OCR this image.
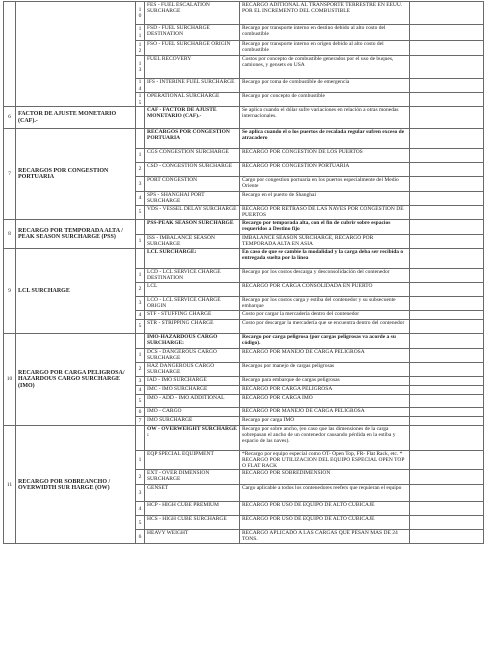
		10	FES - FUEL ESCALATION SURCHARGE	RECARGO ADITIONAL AL TRANSPORTE TERRESTRE EN EEUU. POR EL INCREMENTO DEL COMBUSTIBLE	
		11	FSD - FUEL SURCHARGE DESTINATION	Recargo por transporte interno en destino debido al alto costo del combustible	
		12	FSO - FUEL SURCHARGE ORIGIN	Recargo por transporte interno en origen debido al alto costo del combustible	
		13	FUEL RECOVERY	Costos por concepto de combustible generados por el uso de buques, camiones, y gensets en USA	
		14	IFS - INTERINE FUEL SURCHARGE	Recargo por toma de combustible de emergencia	
		15	OPERATIONAL SURCHARGE	Recargo por concepto de combustible	
6	FACTOR DE AJUSTE MONETARIO (CAF).-		CAF - FACTOR DE AJUSTE MONETARIO (CAF).-	Se aplica cuando el dólar sufre variaciones en relación a otras monedas internacionales.	
7	RECARGOS POR CONGESTION PORTUARIA		RECARGOS POR CONGESTION PORTUARIA	Se aplica cuando el o los puertos de recalada regular sufren exceso de atracadero	
		1	CGS CONGESTION SURCHARGE	RECARGO POR CONGESTION DE LOS PUERTOS	
		2	CSD - CONGESTION SURCHARGE	RECARGO POR CONGESTION PORTUARIA	
		3	PORT CONGESTION	Cargo por congestion portuaria en los puertos especialmente del Medio Oriente	
		4	SPS - SHANGHAI PORT SURCHARGE	Recargo en el puerto de Shanghai	
		5	VDS - VESSEL DELAY SURCHARGE	RECARGO POR RETRASO DE LAS NAVES POR CONGESTION DE PUERTOS	
8	RECARGO POR TEMPORADA ALTA / PEAK SEASON SURCHARGE (PSS)		PSS-PEAK SEASON SURCHARGE	Recargo por temporada alta, con el fin de cubrir sobre espacios requeridos a Destino fijo	
		1	ISS - IMBALANCE SEASON SURCHARGE	IMBALANCE SEASON SURCHARGE, RECARGO POR TEMPORADA ALTA EN ASIA	
9	LCL SURCHARGE		LCL SURCHARGE:	En caso de que se cambie la modalidad y la carga deba ser recibida o entregada suelta por la línea	
		1	LCD - LCL SERVICE CHARGE DESTINATION	Recargo por los costos descarga y desconsolidación del contenedor	
		2	LCL	RECARGO POR CARGA CONSOLIDADA EN PUERTO	
		3	LCO - LCL SERVICE CHARGE ORIGIN	Recargo por los costos carga y estiba del contenedor y su subsecuente embarque	
		4	STF - STUFFING CHARGE	Costo por cargar la mercadería dentro del contenedor	
		5	STR - STRIPPING CHARGE	Costo por descargar la mercadería que se encuentra dentro del contenedor	
10	RECARGO POR CARGA PELIGROSA/ HAZARDOUS CARGO SURCHARGE (IMO)		IMO-HAZARDOUS CARGO SURCHARGE:	Recargo por carga peligrosa (por cargas peligrosas va acorde a su código).	
		1	DCS - DANGEROUS CARGO SURCHARGE	RECARGO POR MANEJO DE CARGA PELIGROSA	
		2	HAZ DANGEROUS CARGO SURCHARGE	Recargos por manejo de cargas peligrosas	
		3	IAD - IMO SURCHARGE	Recargo para embarque de cargas peligrosas	
		4	IMC - IMO SURCHARGE	RECARGO POR CARGA PELIGROSA	
		5	IMO - ADD - IMO ADDITIONAL	RECARGO POR CARGA IMO	
		6	IMO - CARGO	RECARGO POR MANEJO DE CARGA PELIGROSA	
		7	IMO SURCHARGE	Recargo por carga IMO	
11	RECARGO POR SOBREANCHO / OVERWIDTH SUR HARGE (OW)		OW - OVERWEIGHT SURCHARGE :	Recargo por sobre ancho, (en caso que las dimensiones de la carga sobrepasan el ancho de un contenedor causando pérdida en la estiba y espacio de las naves).	
		1	EQP SPECIAL EQUIPMENT	*Recargo por equipo especial como OT- Open Top, FR- Flat Rack, etc. * RECARGO POR UTILIZACION DEL EQUIPO ESPECIAL OPEN TOP O FLAT RACK	
		2	EXT - OVER DIMENSION SURCHARGE	RECARGO POR SOBREDIMENSION	
		3	GENSET	Cargo aplicable a todos los contenedores reefers que requieran el equipo	
		4	HCP - HIGH CUBE PREMIUM	RECARGO POR USO DE EQUIPO DE ALTO CUBICAJE	
		5	HCS - HIGH CUBE SURCHARGE	RECARGO POR USO DE EQUIPO DE ALTO CUBICAJE	
		6	HEAVY WEIGHT	RECARGO APLICADO A LAS CARGAS QUE PESAN MAS DE 24 TONS.	
